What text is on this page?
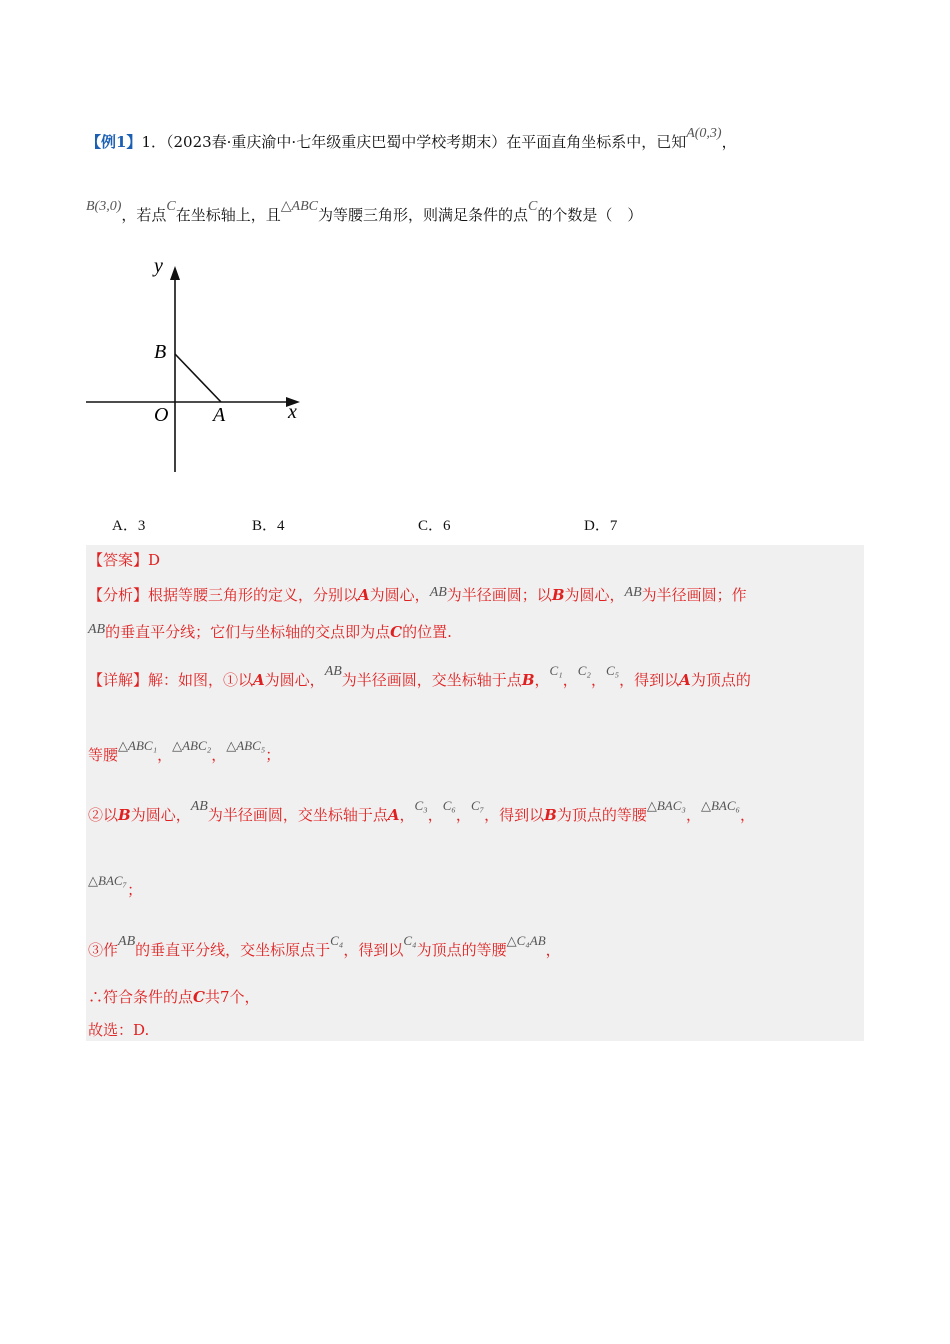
【例1】1．（2023春·重庆渝中·七年级重庆巴蜀中学校考期末）在平面直角坐标系中，已知A(0,3)，
B(3,0)，若点C在坐标轴上，且△ABC为等腰三角形，则满足条件的点C的个数是（　）
y
x
B
O A
A．3	B．4	C．6	D．7
【答案】D
【分析】根据等腰三角形的定义，分别以A为圆心，AB为半径画圆；以B为圆心，AB为半径画圆；作
AB的垂直平分线；它们与坐标轴的交点即为点C的位置.
【详解】解：如图，①以A为圆心，AB为半径画圆，交坐标轴于点B，C₁，C₂，C₅，得到以A为顶点的
等腰△ABC₁，△ABC₂，△ABC₅；
②以B为圆心，AB为半径画圆，交坐标轴于点A，C₃，C₆，C₇，得到以B为顶点的等腰△BAC₃，△BAC₆，
△BAC₇；
③作AB的垂直平分线，交坐标原点于C₄，得到以C₄为顶点的等腰△C₄AB，
∴符合条件的点C共7个，
故选：D.
